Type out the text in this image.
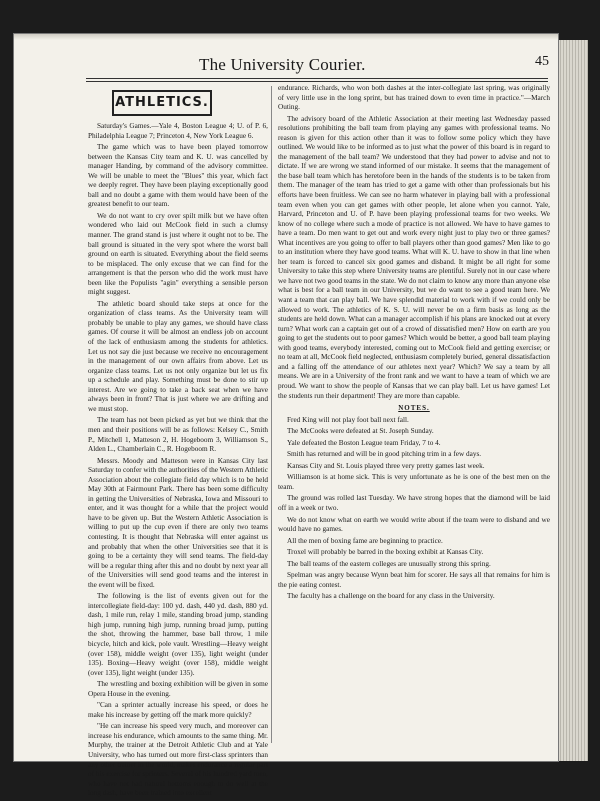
The University Courier.	45
ATHLETICS.

Saturday's Games.—Yale 4, Boston League 4; U. of P. 6, Philadelphia League 7; Princeton 4, New York League 6.

The game which was to have been played tomorrow between the Kansas City team and K. U. was cancelled by manager Handing, by command of the advisory committee. We will be unable to meet the "Blues" this year, which fact we deeply regret. They have been playing exceptionally good ball and no doubt a game with them would have been of the greatest benefit to our team.

We do not want to cry over spilt milk but we have often wondered who laid out McCook field in such a clumsy manner. The grand stand is just where it ought not to be. The ball ground is situated in the very spot where the worst ball ground on earth is situated. Everything about the field seems to be misplaced. The only excuse that we can find for the arrangement is that the person who did the work must have been like the Populists "agin" everything a sensible person might suggest.

The athletic board should take steps at once for the organization of class teams. As the University team will probably be unable to play any games, we should have class games. Of course it will be almost an endless job on account of the lack of enthusiasm among the students for athletics. Let us not say die just because we receive no encouragement in the management of our own affairs from above. Let us organize class teams. Let us not only organize but let us fix up a schedule and play. Something must be done to stir up interest. Are we going to take a back seat when we have always been in front? That is just where we are drifting and we must stop.

The team has not been picked as yet but we think that the men and their positions will be as follows: Kelsey C., Smith P., Mitchell 1, Matteson 2, H. Hogeboom 3, Williamson S., Alden L., Chamberlain C., R. Hogeboom R.

Messrs. Moody and Matteson were in Kansas City last Saturday to confer with the authorities of the Western Athletic Association about the collegiate field day which is to be held May 30th at Fairmount Park. There has been some difficulty in getting the Universities of Nebraska, Iowa and Missouri to enter, and it was thought for a while that the project would have to be given up. But the Western Athletic Association is willing to put up the cup even if there are only two teams contesting. It is thought that Nebraska will enter against us and probably that when the other Universities see that it is going to be a certainty they will send teams. The field-day will be a regular thing after this and no doubt by next year all of the Universities will send good teams and the interest in the event will be fixed.

The following is the list of events given out for the intercollegiate field-day: 100 yd. dash, 440 yd. dash, 880 yd. dash, 1 mile run, relay 1 mile, standing broad jump, standing high jump, running high jump, running broad jump, putting the shot, throwing the hammer, base ball throw, 1 mile bicycle, hitch and kick, pole vault. Wrestling—Heavy weight (over 158), middle weight (over 135), light weight (under 135). Boxing—Heavy weight (over 158), middle weight (over 135), light weight (under 135).

The wrestling and boxing exhibition will be given in some Opera House in the evening.

"Can a sprinter actually increase his speed, or does he make his increase by getting off the mark more quickly?

"He can increase his speed very much, and moreover can increase his endurance, which amounts to the same thing. Mr. Murphy, the trainer at the Detroit Athletic Club and at Yale University, who has turned out more first-class sprinters than any other trainer in the world, makes endurance a regular part of his exercise for sprinters. Several of his hundred yard men, who have not had natural bottoms enough to do well at the long dash, have been trained into excellent

endurance. Richards, who won both dashes at the inter-collegiate last spring, was originally of very little use in the long sprint, but has trained down to even time in practice."—March Outing.

The advisory board of the Athletic Association at their meeting last Wednesday passed resolutions prohibiting the ball team from playing any games with professional teams. No reason is given for this action other than it was to follow some policy which they have outlined. We would like to be informed as to just what the power of this board is in regard to the management of the ball team? We understood that they had power to advise and not to dictate. If we are wrong we stand informed of our mistake. It seems that the management of the base ball team which has heretofore been in the hands of the students is to be taken from them. The manager of the team has tried to get a game with other than professionals but his efforts have been fruitless. We can see no harm whatever in playing ball with a professional team even when you can get games with other people, let alone when you cannot. Yale, Harvard, Princeton and U. of P. have been playing professional teams for two weeks. We know of no college where such a mode of practice is not allowed. We have to have games to have a team. Do men want to get out and work every night just to play two or three games? What incentives are you going to offer to ball players other than good games? Men like to go to an institution where they have good teams. What will K. U. have to show in that line when her team is forced to cancel six good games and disband. It might be all right for some University to take this step where University teams are plentiful. Surely not in our case where we have not two good teams in the state. We do not claim to know any more than anyone else what is best for a ball team in our University, but we do want to see a good team here. We want a team that can play ball. We have splendid material to work with if we could only be allowed to work. The athletics of K. S. U. will never be on a firm basis as long as the students are held down. What can a manager accomplish if his plans are knocked out at every turn? What work can a captain get out of a crowd of dissatisfied men? How on earth are you going to get the students out to poor games? Which would be better, a good ball team playing with good teams, everybody interested, coming out to McCook field and getting exercise; or no team at all, McCook field neglected, enthusiasm completely buried, general dissatisfaction and a falling off the attendance of our athletes next year? Which? We say a team by all means. We are in a University of the front rank and we want to have a team of which we are proud. We want to show the people of Kansas that we can play ball. Let us have games! Let the students run their department! They are more than capable.

NOTES.

Fred King will not play foot ball next fall.

The McCooks were defeated at St. Joseph Sunday.

Yale defeated the Boston League team Friday, 7 to 4.

Smith has returned and will be in good pitching trim in a few days.

Kansas City and St. Louis played three very pretty games last week.

Williamson is at home sick. This is very unfortunate as he is one of the best men on the team.

The ground was rolled last Tuesday. We have strong hopes that the diamond will be laid off in a week or two.

We do not know what on earth we would write about if the team were to disband and we would have no games.

All the men of boxing fame are beginning to practice.

Troxel will probably be barred in the boxing exhibit at Kansas City.

The ball teams of the eastern colleges are unusually strong this spring.

Spelman was angry because Wynn beat him for scorer. He says all that remains for him is the pie eating contest.

The faculty has a challenge on the board for any class in the University.
